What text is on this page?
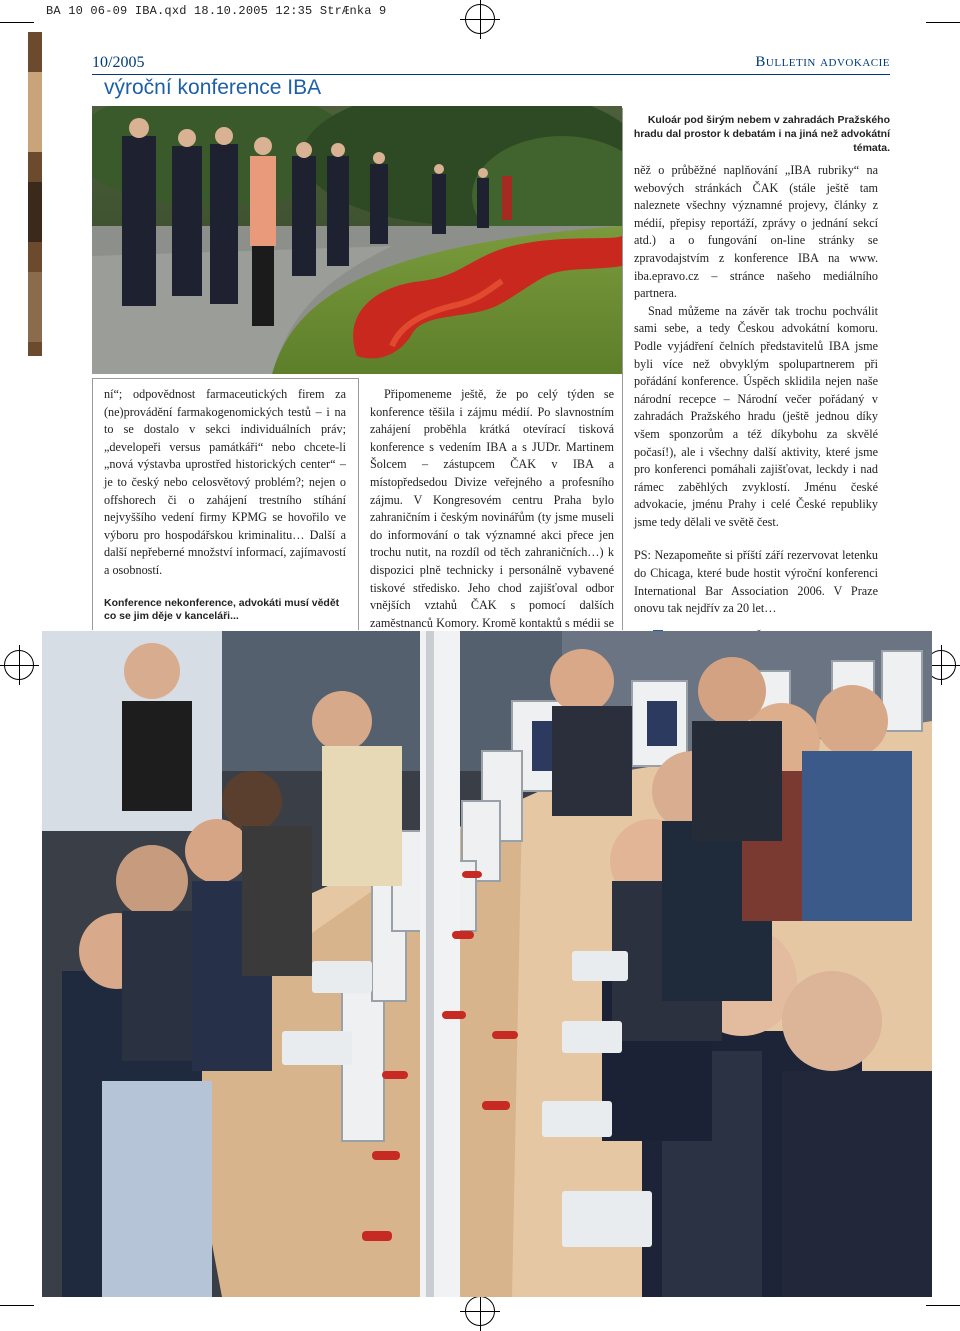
BA 10 06-09 IBA.qxd 18.10.2005 12:35 StrÆnka 9
10/2005	Bulletin advokacie
výroční konference IBA
Kuloár pod širým nebem v zahradách Pražského hradu dal prostor k debatám i na jiná než advokátní témata.

ní“; odpovědnost farmaceutických firem za (ne)provádění farmakogenomických testů – i na to se dostalo v sekci individuálních práv; „developeři versus památkáři“ nebo chcete-li „nová výstavba uprostřed historických center“ – je to český nebo celosvětový problém?; nejen o offshorech či o zahájení trestního stíhání nejvyššího vedení firmy KPMG se hovořilo ve výboru pro hospodářskou kriminalitu… Další a další nepřeberné množství informací, zajímavostí a osobností.

Konference nekonference, advokáti musí vědět co se jim děje v kanceláři...

Připomeneme ještě, že po celý týden se konference těšila i zájmu médií. Po slavnostním zahájení proběhla krátká otevírací tisková konference s vedením IBA a s JUDr. Martinem Šolcem – zástupcem ČAK v IBA a místopředsedou Divize veřejného a profesního zájmu. V Kongresovém centru Praha bylo zahraničním i českým novinářům (ty jsme museli do informování o tak významné akci přece jen trochu nutit, na rozdíl od těch zahraničních…) k dispozici plně technicky i personálně vybavené tiskové středisko. Jeho chod zajišťoval odbor vnějších vztahů ČAK s pomocí dalších zaměstnanců Komory. Kromě kontaktů s médii se

něž o průběžné naplňování „IBA rubriky“ na webových stránkách ČAK (stále ještě tam naleznete všechny významné projevy, články z médií, přepisy reportáží, zprávy o jednání sekcí atd.) a o fungování on-line stránky se zpravodajstvím z konference IBA na www. iba.epravo.cz – stránce našeho mediálního partnera.

Snad můžeme na závěr tak trochu pochválit sami sebe, a tedy Českou advokátní komoru. Podle vyjádření čelních představitelů IBA jsme byli více než obvyklým spolupartnerem při pořádání konference. Úspěch sklidila nejen naše národní recepce – Národní večer pořádaný v zahradách Pražského hradu (ještě jednou díky všem sponzorům a též díkybohu za skvělé počasí!), ale i všechny další aktivity, které jsme pro konferenci pomáhali zajišťovat, leckdy i nad rámec zaběhlých zvyklostí. Jménu české advokacie, jménu Prahy i celé České republiky jsme tedy dělali ve světě čest.

PS: Nezapomeňte si příští září rezervovat letenku do Chicaga, které bude hostit výroční konferenci International Bar Association 2006. V Praze onovu tak nejdřív za 20 let…
